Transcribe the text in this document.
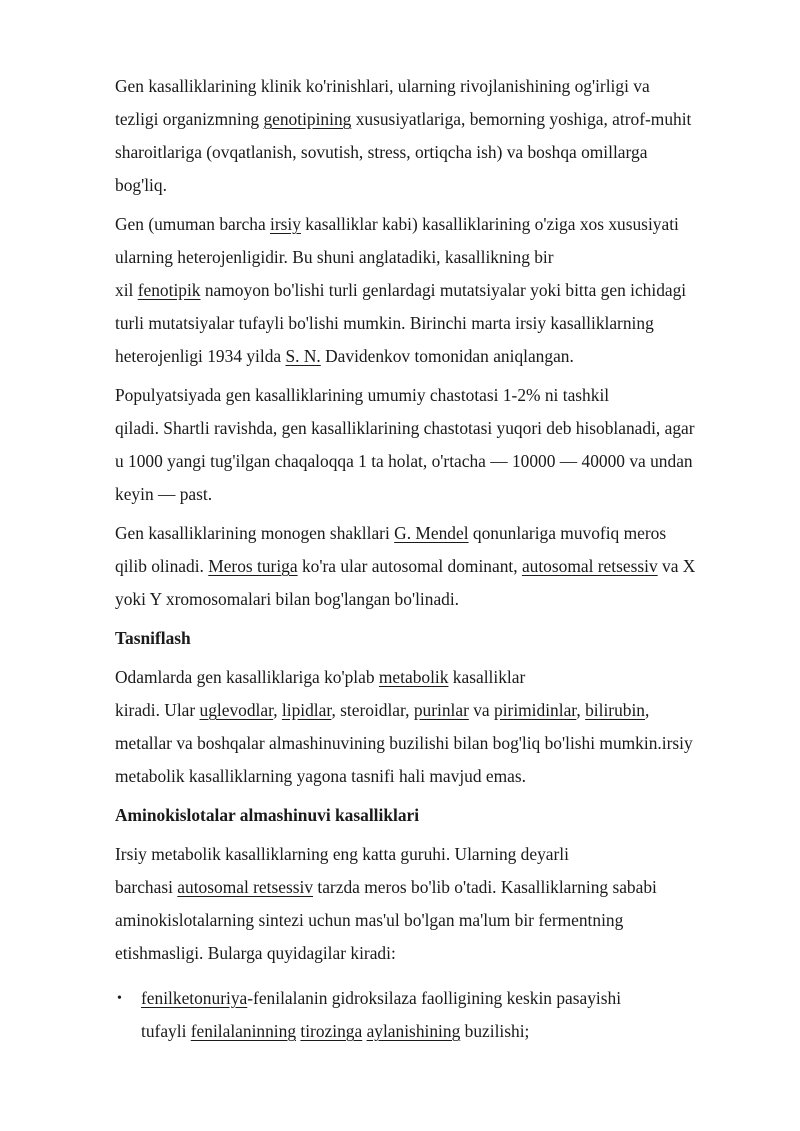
Gen kasalliklarining klinik ko'rinishlari, ularning rivojlanishining og'irligi va
tezligi organizmning genotipining xususiyatlariga, bemorning yoshiga, atrof-muhit
sharoitlariga (ovqatlanish, sovutish, stress, ortiqcha ish) va boshqa omillarga
bog'liq.
Gen (umuman barcha irsiy kasalliklar kabi) kasalliklarining o'ziga xos xususiyati
ularning heterojenligidir. Bu shuni anglatadiki, kasallikning bir
xil fenotipik namoyon bo'lishi turli genlardagi mutatsiyalar yoki bitta gen ichidagi
turli mutatsiyalar tufayli bo'lishi mumkin. Birinchi marta irsiy kasalliklarning
heterojenligi 1934 yilda S. N. Davidenkov tomonidan aniqlangan.
Populyatsiyada gen kasalliklarining umumiy chastotasi 1-2% ni tashkil
qiladi. Shartli ravishda, gen kasalliklarining chastotasi yuqori deb hisoblanadi, agar
u 1000 yangi tug'ilgan chaqaloqqa 1 ta holat, o'rtacha — 10000 — 40000 va undan
keyin — past.
Gen kasalliklarining monogen shakllari G. Mendel qonunlariga muvofiq meros
qilib olinadi. Meros turiga ko'ra ular autosomal dominant, autosomal retsessiv va X
yoki Y xromosomalari bilan bog'langan bo'linadi.
Tasniflash
Odamlarda gen kasalliklariga ko'plab metabolik kasalliklar
kiradi. Ular uglevodlar, lipidlar, steroidlar, purinlar va pirimidinlar, bilirubin,
metallar va boshqalar almashinuvining buzilishi bilan bog'liq bo'lishi mumkin.irsiy
metabolik kasalliklarning yagona tasnifi hali mavjud emas.
Aminokislotalar almashinuvi kasalliklari
Irsiy metabolik kasalliklarning eng katta guruhi. Ularning deyarli
barchasi autosomal retsessiv tarzda meros bo'lib o'tadi. Kasalliklarning sababi
aminokislotalarning sintezi uchun mas'ul bo'lgan ma'lum bir fermentning
etishmasligi. Bularga quyidagilar kiradi:
• fenilketonuriya-fenilalanin gidroksilaza faolligining keskin pasayishi
tufayli fenilalaninning tirozinga aylanishining buzilishi;
